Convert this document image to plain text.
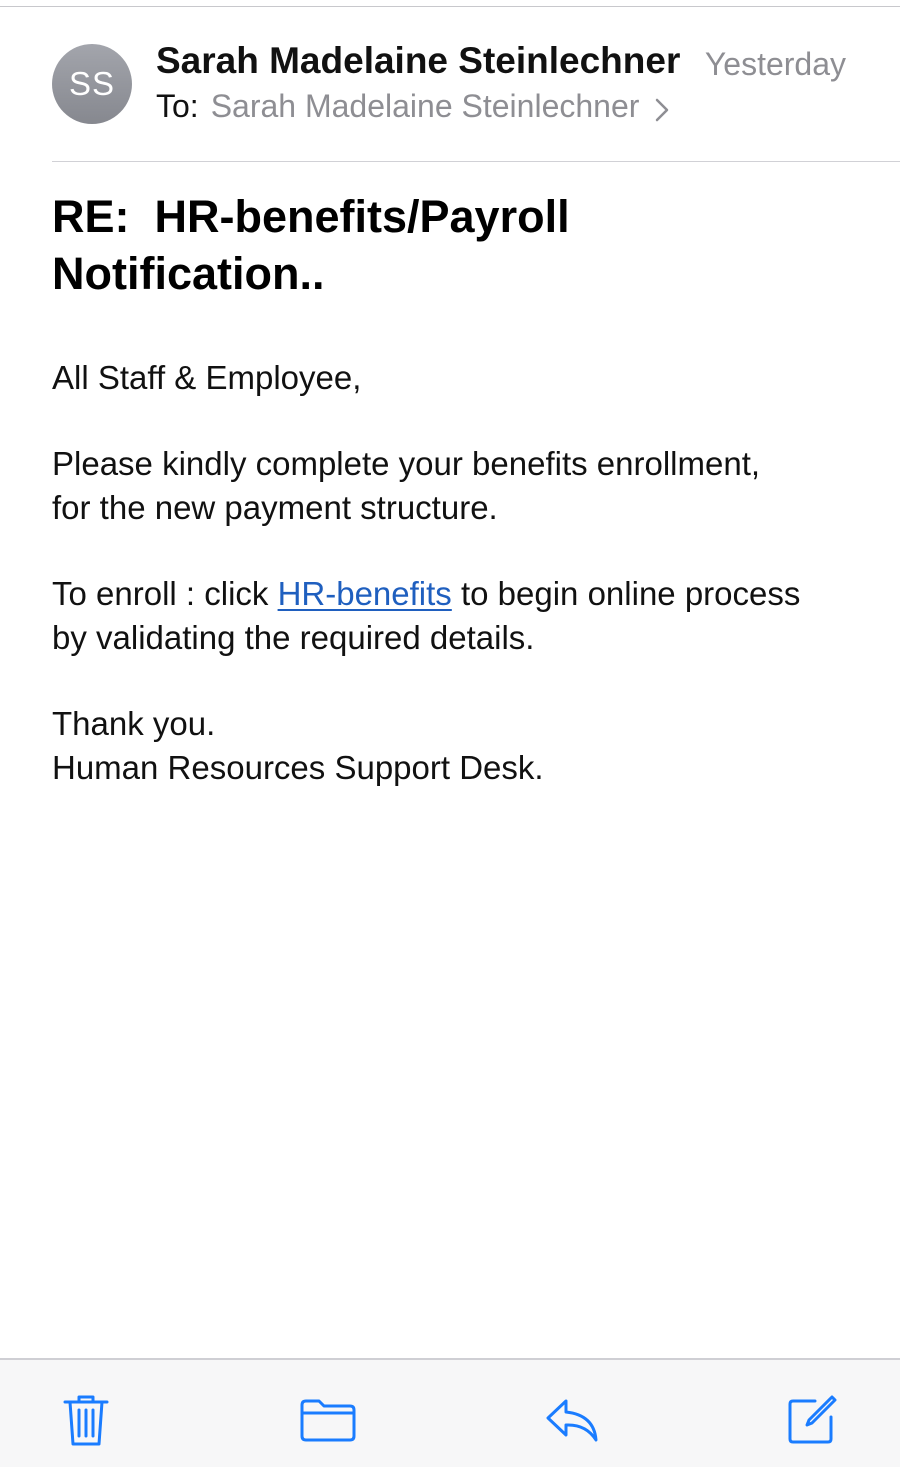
SS
Sarah Madelaine Steinlechner Yesterday
To: Sarah Madelaine Steinlechner
RE:  HR-benefits/Payroll
Notification..
All Staff & Employee,
Please kindly complete your benefits enrollment,
for the new payment structure.
To enroll : click HR-benefits to begin online process
by validating the required details.
Thank you.
Human Resources Support Desk.
